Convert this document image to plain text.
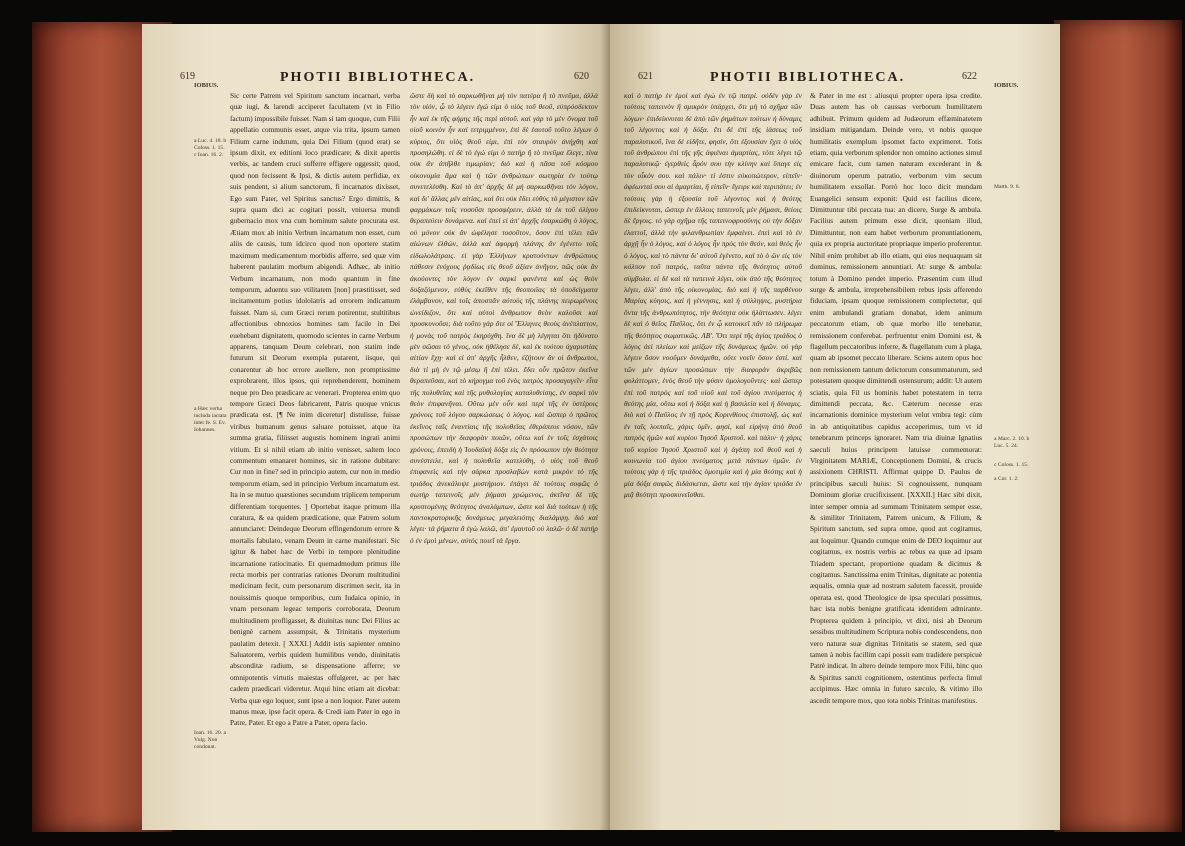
619	PHOTII BIBLIOTHECA.	620
IOBIUS.
a Luc. 4. 18. b Coloss. 1. 15. c Ioan. 16. 2.
a Hæc verba includa iactata inter fe. S. Ev. Iohannes.
Ioan. 16. 20. a Vulg. Non condonat.

Sic certe Patrem vel Spiritum sanctum incarnari, verba quæ iugi, & larendi acciperet facultatem (vt in Filio factum) impossibile fuisset. Nam si tam quoque, cum Filii appellatio communis esset, atque via trita, ipsum tamen Filium carne indutum, quia Dei Filium (quod erat) se ipsum dixit, ex editioni loco prædicare; & dixit apertis verbis, ac tandem cruci sufferre effigere oggessit; quod, quod non fecissent & Ipsi, & dictis autem perfidiæ, ex suis pendent, si alium sanctorum, fi incarnatos dixisset, Ego sum Pater, vel Spiritus sanctus? Ergo dimittis, & supra quam dici ac cogitari possit, vniuersa mundi gubernacio mox vna cum hominum salute procurata est. Ætiam mox ab initio Verbum incarnatum non esset, cum aliis de causis, tum idcirco quod non oportere statim maximum medicamentum morbidis afferre, sed quæ vim haberent paulatim morbum abigendi. Adhæc, ab initio Verbum incarnatum, non modo quantum in fine temporum, aduentu suo vtilitatem [non] præstitisset, sed incitamentum potius idololatris ad errorem indicamum fuisset. Nam si, cum Græci rerum potirentur, stultitibus affectionibus obnoxios homines tam facile in Dei euehebant dignitatem, quomodo scientes in carne Verbum apparens, tanquam Deum celebrari, non statim inde futurum sit Deorum exempla putarent, iisque, qui conarentur ab hoc errore auellere, non promptissime exprobrarent, illos ipsos, qui reprehenderent, hominem neque pro Deo prædicare ac venerari. Propterea enim quo tempore Græci Deos fabricarent, Patris quoque vnicus prædicata est. [¶ Ne inim diceretur] distulisse, fuisse viribus humanum genus saluare potuisset, atque ita summa gratia, filiisset augustis hominem ingrati animi vitium. Et si nihil etiam ab initio venisset, saltem loco commentum emanaret homines, sic in ratione dubitare: Cur non in fine? sed in principio autem, cur non in medio temporum etiam, sed in principio Verbum incarnatum est. Ita in se mutuo quæstiones secundum triplicem temporum differentiam torquentes. ] Oportebat itaque primum illa curatura, & ea quidem prædicatione, quæ Patrem solum annunciaret: Deindeque Deorum effingendorum errore & mortalis fabulato, venam Deum in carne manifestari. Sic igitur & habet hæc de Verbi in tempore plenitudine incarnatione ratiocinatio. Et quemadmodum primus ille recta morbis per contrarias rationes Deorum multitudini medicinam fecit, cum personarum discrimen secit, ita in nouissimis quoque temporibus, cum Iudaica opinio, in vnam personam legeac temporis corroborata, Deorum multitudinem profligasset, & diuinitas nunc Dei Filius ac benignè carnem assumpsit, & Trinitatis mysterium paulatim detexit. [ XXXI.] Addit istis sapienter omnino Saluatorem, verbis quidem humilibus vendo, diuinitatis absconditæ radium, se dispensatione afferre; ve omnipotentis virtutis maiestas offulgeret, ac per hæc cadem praedicari videretur. Atqui hinc etiam ait dicebat: Verba quæ ego loquor, sunt ipse a non loquor. Pater autem manus meæ, ipse facit opera. & Credi iam Pater in ego in Patre, Pater. Et ego a Patre a Pater, opera facio.

ὥστε δὴ καὶ τὸ σαρκωθῆναι μὴ τὸν πατέρα ἢ τὸ πνεῦμα, ἀλλὰ τὸν υἱόν, ᾧ τὸ λέγειν ἐγώ εἰμι ὁ υἱὸς τοῦ θεοῦ, εὐπρόσδεκτον ἦν καὶ ἐκ τῆς φήμης τῆς περὶ αὐτοῦ. καὶ γὰρ τὸ μὲν ὄνομα τοῦ υἱοῦ κοινὸν ἦν καὶ τετριμμένον, ἐπὶ δὲ ἑαυτοῦ τοῦτο λέγων ὁ κύριος, ὅτι υἱὸς θεοῦ εἰμι, ἐπὶ τὸν σταυρὸν ἀνήχθη καὶ προσηλώθη. εἰ δὲ τὸ ἐγώ εἰμι ὁ πατὴρ ἢ τὸ πνεῦμα ἔλεγε, τίνα οὐκ ἂν ἀπῆλθε τιμωρίαν; διὸ καὶ ἡ πᾶσα τοῦ κόσμου οἰκονομία ἅμα καὶ ἡ τῶν ἀνθρώπων σωτηρία ἐν τούτῳ συνετελέσθη. Καὶ τὸ ἀπ' ἀρχῆς δὲ μὴ σαρκωθῆναι τὸν λόγον, καὶ δι' ἄλλας μὲν αἰτίας, καὶ ὅτι οὐκ ἔδει εὐθὺς τὸ μέγιστον τῶν φαρμάκων τοῖς νοσοῦσι προσφέρειν, ἀλλὰ τὰ ἐκ τοῦ ὀλίγου θεραπεύειν δυνάμενα. καὶ ἐπεὶ εἰ ἀπ' ἀρχῆς ἐσαρκώθη ὁ λόγος, οὐ μόνον οὐκ ἂν ὠφέλησε τοσοῦτον, ὅσον ἐπὶ τέλει τῶν αἰώνων ἐλθών, ἀλλὰ καὶ ἀφορμὴ πλάνης ἂν ἐγένετο τοῖς εἰδωλολάτραις. εἰ γὰρ Ἑλλήνων κρατούντων ἀνθρώπους πάθεσιν ἐνόχους ῥᾳδίως εἰς θεοῦ ἀξίαν ἀνῆγον, πῶς οὐκ ἂν ἀκούοντες τὸν λόγον ἐν σαρκὶ φανέντα καὶ ὡς θεὸν δοξαζόμενον, εὐθὺς ἐκεῖθεν τῆς θεοποιΐας τὰ ὑποδείγματα ἐλάμβανον, καὶ τοῖς ἀποσπᾶν αὐτοὺς τῆς πλάνης πειρωμένοις ὠνείδιζον, ὅτι καὶ αὐτοὶ ἄνθρωπον θεὸν καλοῦσι καὶ προσκυνοῦσι; διὰ τοῦτο γὰρ ὅτε οἱ Ἕλληνες θεοὺς ἀνέπλαττον, ἡ μονὰς τοῦ πατρὸς ἐκηρύχθη. ἵνα δὲ μὴ λέγηται ὅτι ἠδύνατο μὲν σῶσαι τὸ γένος, οὐκ ἠθέλησε δέ, καὶ ἐκ τούτου ἀχαριστίας αἰτίαν ἔχῃ· καὶ εἰ ἀπ' ἀρχῆς ἦλθεν, ἐζήτουν ἂν οἱ ἄνθρωποι, διὰ τί μὴ ἐν τῷ μέσῳ ἢ ἐπὶ τέλει. ἔδει οὖν πρῶτον ἐκεῖνα θεραπεῦσαι, καὶ τὸ κήρυγμα τοῦ ἑνὸς πατρὸς προσαγαγεῖν· εἶτα τῆς πολυθεΐας καὶ τῆς μυθολογίας καταλυθείσης, ἐν σαρκὶ τὸν θεὸν ἐπιφανῆναι. Οὕτω μὲν οὖν καὶ περὶ τῆς ἐν ὑστέροις χρόνοις τοῦ λόγου σαρκώσεως ὁ λόγος. καὶ ὥσπερ ὁ πρῶτος ἐκεῖνος ταῖς ἐναντίαις τῆς πολυθεΐας ἐθεράπευε νόσον, τῶν προσώπων τὴν διαφορὰν ποιῶν, οὕτω καὶ ἐν τοῖς ἐσχάτοις χρόνοις, ἐπειδὴ ἡ Ἰουδαϊκὴ δόξα εἰς ἓν πρόσωπον τὴν θεότητα συνέστειλε, καὶ ἡ πολυθεΐα κατελύθη, ὁ υἱὸς τοῦ θεοῦ ἐπιφανεὶς καὶ τὴν σάρκα προσλαβὼν κατὰ μικρὸν τὸ τῆς τριάδος ἀνεκάλυψε μυστήριον. ἐπάγει δὲ τούτοις σοφῶς ὁ σωτὴρ ταπεινοῖς μὲν ῥήμασι χρώμενος, ἀκτῖνα δὲ τῆς κρυπτομένης θεότητος ἀναλάμπων, ὥστε καὶ διὰ τούτων ἡ τῆς παντοκρατορικῆς δυνάμεως μεγαλειότης διαλάμψῃ. διὸ καὶ λέγει· τὰ ῥήματα ἃ ἐγὼ λαλῶ, ἀπ' ἐμαυτοῦ οὐ λαλῶ· ὁ δὲ πατὴρ ὁ ἐν ἐμοὶ μένων, αὐτὸς ποιεῖ τὰ ἔργα.

621	PHOTII BIBLIOTHECA.	622

καὶ ὁ πατὴρ ἐν ἐμοὶ καὶ ἐγὼ ἐν τῷ πατρί. οὐδὲν γὰρ ἐν τούτοις ταπεινὸν ἢ σμικρὸν ὑπάρχει, ὅτι μὴ τὸ σχῆμα τῶν λόγων· ἐπιδείκνυται δὲ ἀπὸ τῶν ῥημάτων τούτων ἡ δύναμις τοῦ λέγοντος καὶ ἡ δόξα. ἔτι δὲ ἐπὶ τῆς ἰάσεως τοῦ παραλυτικοῦ, ἵνα δὲ εἰδῆτε, φησίν, ὅτι ἐξουσίαν ἔχει ὁ υἱὸς τοῦ ἀνθρώπου ἐπὶ τῆς γῆς ἀφιέναι ἁμαρτίας, τότε λέγει τῷ παραλυτικῷ· ἐγερθεὶς ἆρόν σου τὴν κλίνην καὶ ὕπαγε εἰς τὸν οἶκόν σου. καὶ πάλιν· τί ἐστιν εὐκοπώτερον, εἰπεῖν· ἀφέωνταί σου αἱ ἁμαρτίαι, ἢ εἰπεῖν· ἔγειρε καὶ περιπάτει; ἐν τούτοις γὰρ ἡ ἐξουσία τοῦ λέγοντος καὶ ἡ θεότης ἐπιδείκνυται, ὥσπερ ἐν ἄλλοις ταπεινοῖς μὲν ῥήμασι, θείοις δὲ ἔργοις. τὸ γὰρ σχῆμα τῆς ταπεινοφροσύνης οὐ τὴν δόξαν ἐλαττοῖ, ἀλλὰ τὴν φιλανθρωπίαν ἐμφαίνει. ἐπεὶ καὶ τὸ ἐν ἀρχῇ ἦν ὁ λόγος, καὶ ὁ λόγος ἦν πρὸς τὸν θεόν, καὶ θεὸς ἦν ὁ λόγος, καὶ τὸ πάντα δι' αὐτοῦ ἐγένετο, καὶ τὸ ὁ ὢν εἰς τὸν κόλπον τοῦ πατρός, ταῦτα πάντα τῆς θεότητος αὐτοῦ σύμβολα. εἰ δὲ καὶ τὰ ταπεινὰ λέγει, οὐκ ἀπὸ τῆς θεότητος λέγει, ἀλλ' ἀπὸ τῆς οἰκονομίας. διὸ καὶ ἡ τῆς παρθένου Μαρίας κύησις, καὶ ἡ γέννησις, καὶ ἡ σύλληψις, μυστήρια ὄντα τῆς ἀνθρωπότητος, τὴν θεότητα οὐκ ἠλάττωσεν. λέγει δὲ καὶ ὁ θεῖος Παῦλος, ὅτι ἐν ᾧ κατοικεῖ πᾶν τὸ πλήρωμα τῆς θεότητος σωματικῶς. ΛΒ'. Ὅτι περὶ τῆς ἁγίας τριάδος ὁ λόγος ἀεὶ πλείων καὶ μείζων τῆς δυνάμεως ἡμῶν. οὐ γὰρ λέγειν ὅσον νοοῦμεν δυνάμεθα, οὔτε νοεῖν ὅσον ἐστί. καὶ τῶν μὲν ἁγίων προσώπων τὴν διαφορὰν ἀκριβῶς φυλάττομεν, ἑνὸς θεοῦ τὴν φύσιν ὁμολογοῦντες· καὶ ὥσπερ ἐπὶ τοῦ πατρὸς καὶ τοῦ υἱοῦ καὶ τοῦ ἁγίου πνεύματος ἡ θεότης μία, οὕτω καὶ ἡ δόξα καὶ ἡ βασιλεία καὶ ἡ δύναμις. διὸ καὶ ὁ Παῦλος ἐν τῇ πρὸς Κορινθίους ἐπιστολῇ, ὡς καὶ ἐν ταῖς λοιπαῖς, χάρις ὑμῖν, φησί, καὶ εἰρήνη ἀπὸ θεοῦ πατρὸς ἡμῶν καὶ κυρίου Ἰησοῦ Χριστοῦ. καὶ πάλιν· ἡ χάρις τοῦ κυρίου Ἰησοῦ Χριστοῦ καὶ ἡ ἀγάπη τοῦ θεοῦ καὶ ἡ κοινωνία τοῦ ἁγίου πνεύματος μετὰ πάντων ὑμῶν. ἐν τούτοις γὰρ ἡ τῆς τριάδος ὁμοτιμία καὶ ἡ μία θεότης καὶ ἡ μία δόξα σαφῶς διδάσκεται, ὥστε καὶ τὴν ἁγίαν τριάδα ἐν μιᾷ θεότητι προσκυνεῖσθαι.

& Pater in me est : aliusqui propter opera ipsa credite. Duas autem has ob caussas verborum humilitatem adhibuit. Primum quidem ad Judæorum effæminatetem insidiam mitigandam. Deinde vero, vt nobis quoque humilitatis exemplum ipsomet facto exprimeret. Totis etiam, quia verborum splendor non omnino actiones simul emicare facit, cum tamen naturam excederant in & diuinorum operum patratio, verborum vim secum humilitatem exsollat. Porrò hoc loco dicit mundam Euangelici sensum exponit: Quid est facilius dicere, Dimittuntur tibi peccata tua: an dicere, Surge & ambula. Facilius autem primum esse dicit, quoniam illud, Dimittuntur, non eam habet verborum pronuntiationem, quia ex propria auctoritate propriaque imperio proferentur. Nihil enim prohibet ab illo etiam, qui eius nequaquam sit dominus, remissionem annuntiari. At: surge & ambula: totum à Domino pendet imperio. Præsentim cum illud surge & ambula, irreprehensibilem rebus ipsis afferendo fiduciam, ipsam quoque remissionem complectetur, qui enim ambulandi gratiam donabat, idem animum peccatorum etiam, ob quæ morbo ille tenebatur, remissionem conferebat. perfruentur enim Domini est, & flagellum peccatoribus inferre, & flagellatum cum à plaga, quam ab ipsomet peccato liberare. Sciens autem opus hoc non remissionem tantum delictorum consummaturum, sed potestatem quoque dimittendi ostensurum; addit: Ut autem sciatis, quia Fil us hominis habet potestatem in terra dimittendi peccata, &c. Cæterum necesse eras incarnationis dominice mysterium velut vmbra tegi: cùm in ab antiquitatibus capidus acceperimus, tum vt id tenebrarum princeps ignoraret. Nam tria diuinæ Ignatius saeculi huius principem latuisse commemorat: Virginitatem MARIÆ, Conceptionem Domini, & crucis assixionem CHRISTI. Affirmat quippe D. Paulus de principibus sæculi huius: Si cognouissent, nunquam Dominum gloriæ crucifixissent. [XXXII.] Hæc sibi dixit, inter semper omnia ad summam Trinitatem semper esse, & similiter Trinitatem, Patrem unicum, & Filium, & Spiritum sanctum, sed supra omne, quod aut cogitamus, aut loquimur. Quando cumque enim de DEO loquimur aut cogitamus, ex nostris verbis ac rebus ea quæ ad ipsam Triadem spectant, proportione quadam & dicimus & cogitamus. Sanctissima enim Trinitas, dignitate ac potentia æqualis, omnia quæ ad nostram salutem facessit, prouide operata est, quod Theologice de ipsa speculari possimus, hæc ista nobis benigne gratificata identidem admirante. Propterea quidem à principio, vt dixi, nisi ab Deorum sessibus multitudinem Scriptura nobis condescendens, non vero naturæ suæ dignitas Trinitatis se statem, sed quæ tamen à nobis facillim capi possit eam tradidere perspicuè Patrè indicat. In altero deinde tempore mox Filii, hinc quo & Spiritus sancti cognitionem, ostentinus perfecta fimul accipimus. Hæc omnia in futuro sæculo, & vitimo illo ascedit tempore mox, quo tota nobis Trinitas manifestius.

IOBIUS.
Matth. 9. 6.
a Marc. 2. 10. b Luc. 5. 24.
c Coloss. 1. 15.
a Cor. 1. 2.
